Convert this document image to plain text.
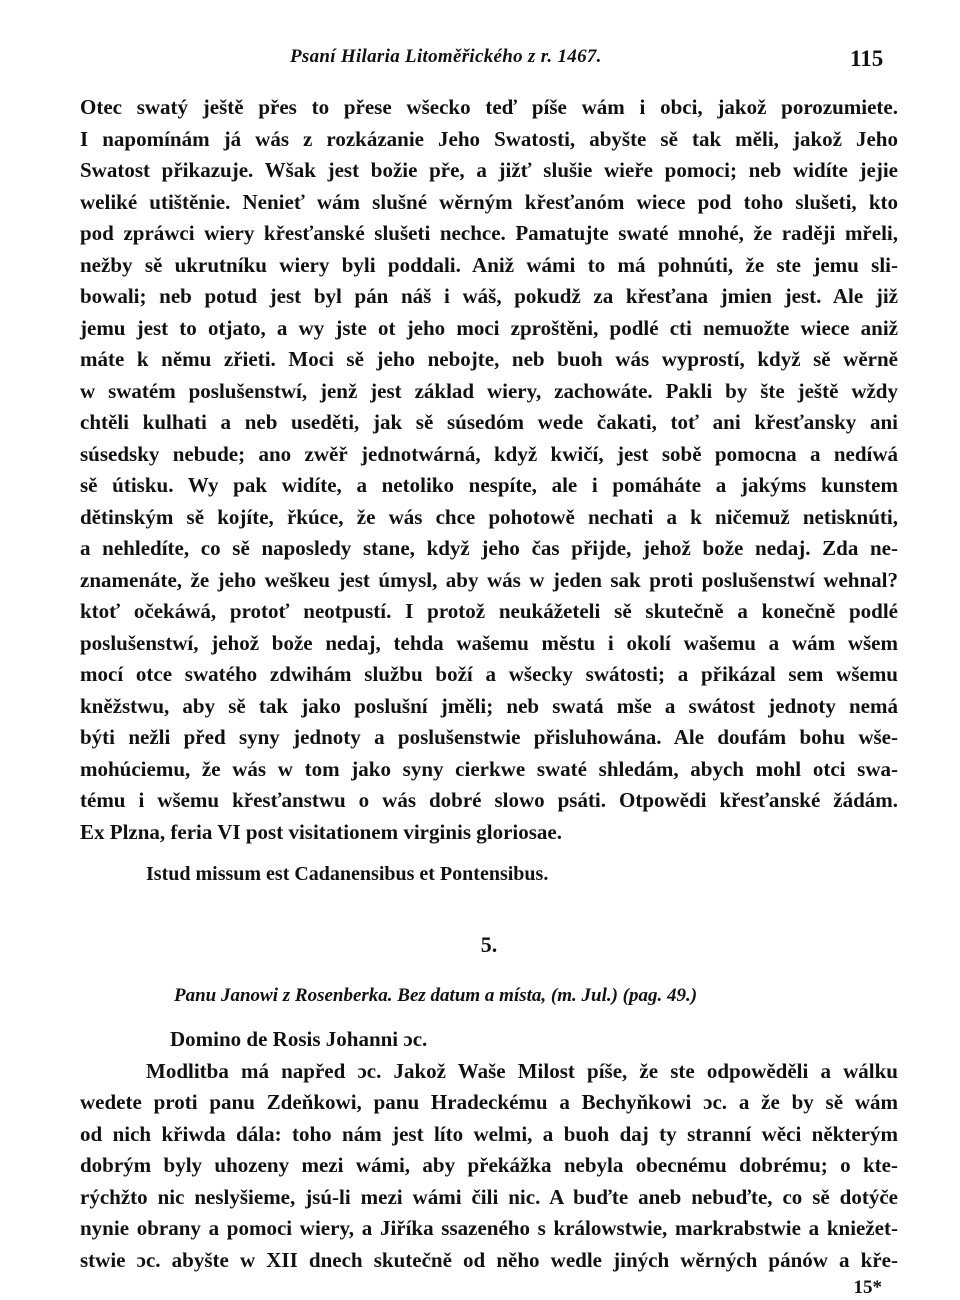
Psaní Hilaria Litoměřického z r. 1467.	115
Otec swatý ještě přes to přese wšecko teď píše wám i obci, jakož porozumiete.
I napomínám já wás z rozkázanie Jeho Swatosti, abyšte sě tak měli, jakož Jeho
Swatost přikazuje. Wšak jest božie pře, a jižť slušie wieře pomoci; neb widíte jejie
weliké utištěnie. Nenieť wám slušné wěrným křesťanóm wiece pod toho slušeti, kto
pod zpráwci wiery křesťanské slušeti nechce. Pamatujte swaté mnohé, že raději mřeli,
nežby sě ukrutníku wiery byli poddali. Aniž wámi to má pohnúti, že ste jemu sli-
bowali; neb potud jest byl pán náš i wáš, pokudž za křesťana jmien jest. Ale již
jemu jest to otjato, a wy jste ot jeho moci zproštěni, podlé cti nemuožte wiece aniž
máte k němu zřieti. Moci sě jeho nebojte, neb buoh wás wyprostí, když sě wěrně
w swatém poslušenstwí, jenž jest základ wiery, zachowáte. Pakli by šte ještě wždy
chtěli kulhati a neb useděti, jak sě súsedóm wede čakati, toť ani křesťansky ani
súsedsky nebude; ano zwěř jednotwárná, když kwičí, jest sobě pomocna a nedíwá
sě útisku. Wy pak widíte, a netoliko nespíte, ale i pomáháte a jakýms kunstem
dětinským sě kojíte, řkúce, že wás chce pohotowě nechati a k ničemuž netisknúti,
a nehledíte, co sě naposledy stane, když jeho čas přijde, jehož bože nedaj. Zda ne-
znamenáte, že jeho weškeu jest úmysl, aby wás w jeden sak proti poslušenstwí wehnal?
ktoť očekáwá, protoť neotpustí. I protož neukážeteli sě skutečně a konečně podlé
poslušenstwí, jehož bože nedaj, tehda wašemu městu i okolí wašemu a wám wšem
mocí otce swatého zdwihám službu boží a wšecky swátosti; a přikázal sem wšemu
kněžstwu, aby sě tak jako poslušní jměli; neb swatá mše a swátost jednoty nemá
býti nežli před syny jednoty a poslušenstwie přisluhowána. Ale doufám bohu wše-
mohúciemu, že wás w tom jako syny cierkwe swaté shledám, abych mohl otci swa-
tému i wšemu křesťanstwu o wás dobré slowo psáti. Otpowědi křesťanské žádám.
Ex Plzna, feria VI post visitationem virginis gloriosae.
Istud missum est Cadanensibus et Pontensibus.
5.
Panu Janowi z Rosenberka. Bez datum a místa, (m. Jul.) (pag. 49.)
Domino de Rosis Johanni ɔc.
Modlitba má napřed ɔc. Jakož Waše Milost píše, že ste odpowěděli a wálku
wedete proti panu Zdeňkowi, panu Hradeckému a Bechyňkowi ɔc. a že by sě wám
od nich křiwda dála: toho nám jest líto welmi, a buoh daj ty stranní wěci některým
dobrým byly uhozeny mezi wámi, aby překážka nebyla obecnému dobrému; o kte-
rýchžto nic neslyšieme, jsú-li mezi wámi čili nic. A buďte aneb nebuďte, co sě dotýče
nynie obrany a pomoci wiery, a Jiříka ssazeného s králowstwie, markrabstwie a kniežet-
stwie ɔc. abyšte w XII dnech skutečně od něho wedle jiných wěrných pánów a kře-
15*
